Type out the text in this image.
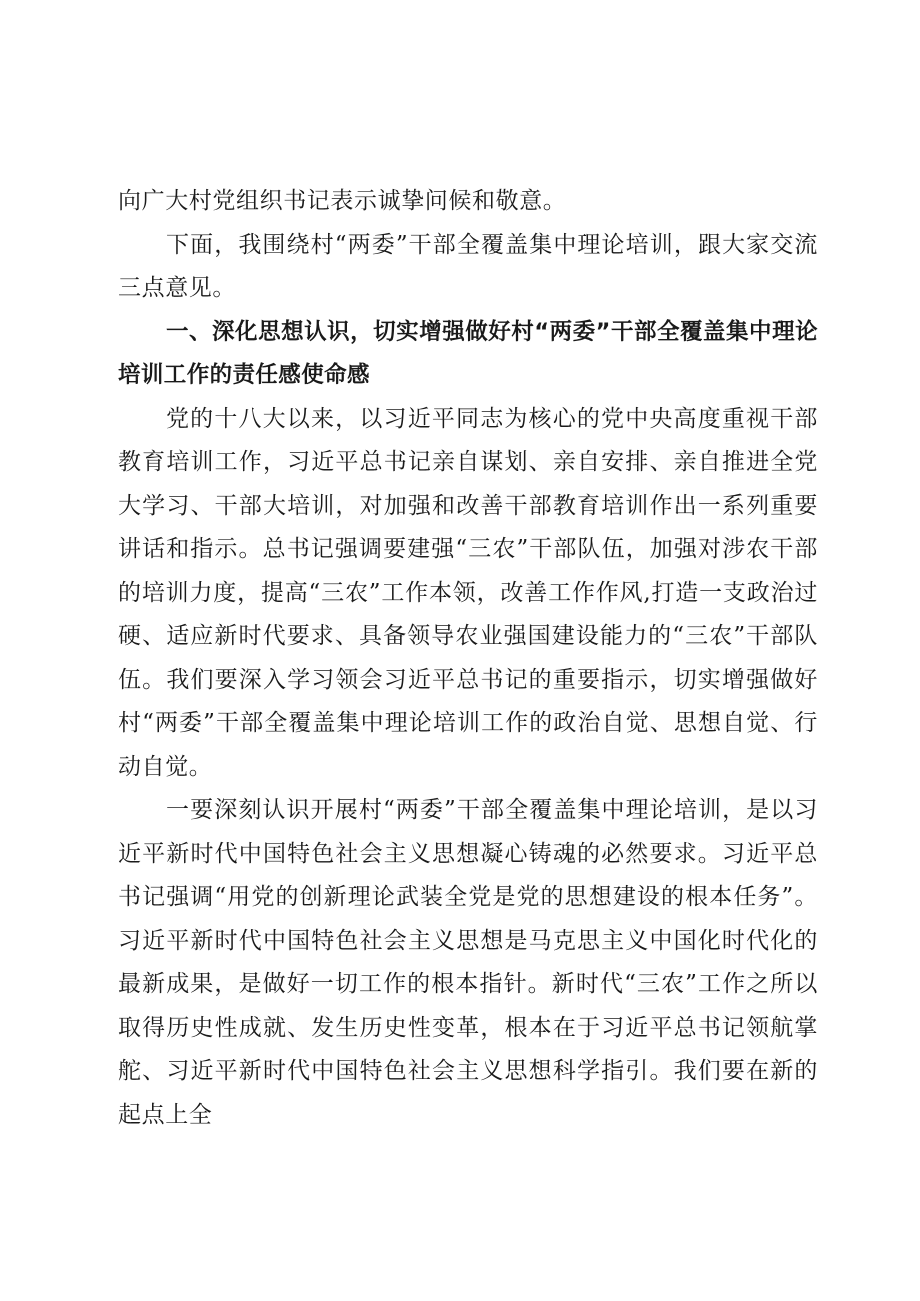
向广大村党组织书记表示诚挚问候和敬意。

下面，我围绕村“两委”干部全覆盖集中理论培训，跟大家交流三点意见。

一、深化思想认识，切实增强做好村“两委”干部全覆盖集中理论培训工作的责任感使命感

党的十八大以来，以习近平同志为核心的党中央高度重视干部教育培训工作，习近平总书记亲自谋划、亲自安排、亲自推进全党大学习、干部大培训，对加强和改善干部教育培训作出一系列重要讲话和指示。总书记强调要建强“三农”干部队伍，加强对涉农干部的培训力度，提高“三农”工作本领，改善工作作风,打造一支政治过硬、适应新时代要求、具备领导农业强国建设能力的“三农”干部队伍。我们要深入学习领会习近平总书记的重要指示，切实增强做好村“两委”干部全覆盖集中理论培训工作的政治自觉、思想自觉、行动自觉。

一要深刻认识开展村“两委”干部全覆盖集中理论培训，是以习近平新时代中国特色社会主义思想凝心铸魂的必然要求。习近平总书记强调“用党的创新理论武装全党是党的思想建设的根本任务”。习近平新时代中国特色社会主义思想是马克思主义中国化时代化的最新成果，是做好一切工作的根本指针。新时代“三农”工作之所以取得历史性成就、发生历史性变革，根本在于习近平总书记领航掌舵、习近平新时代中国特色社会主义思想科学指引。我们要在新的起点上全
